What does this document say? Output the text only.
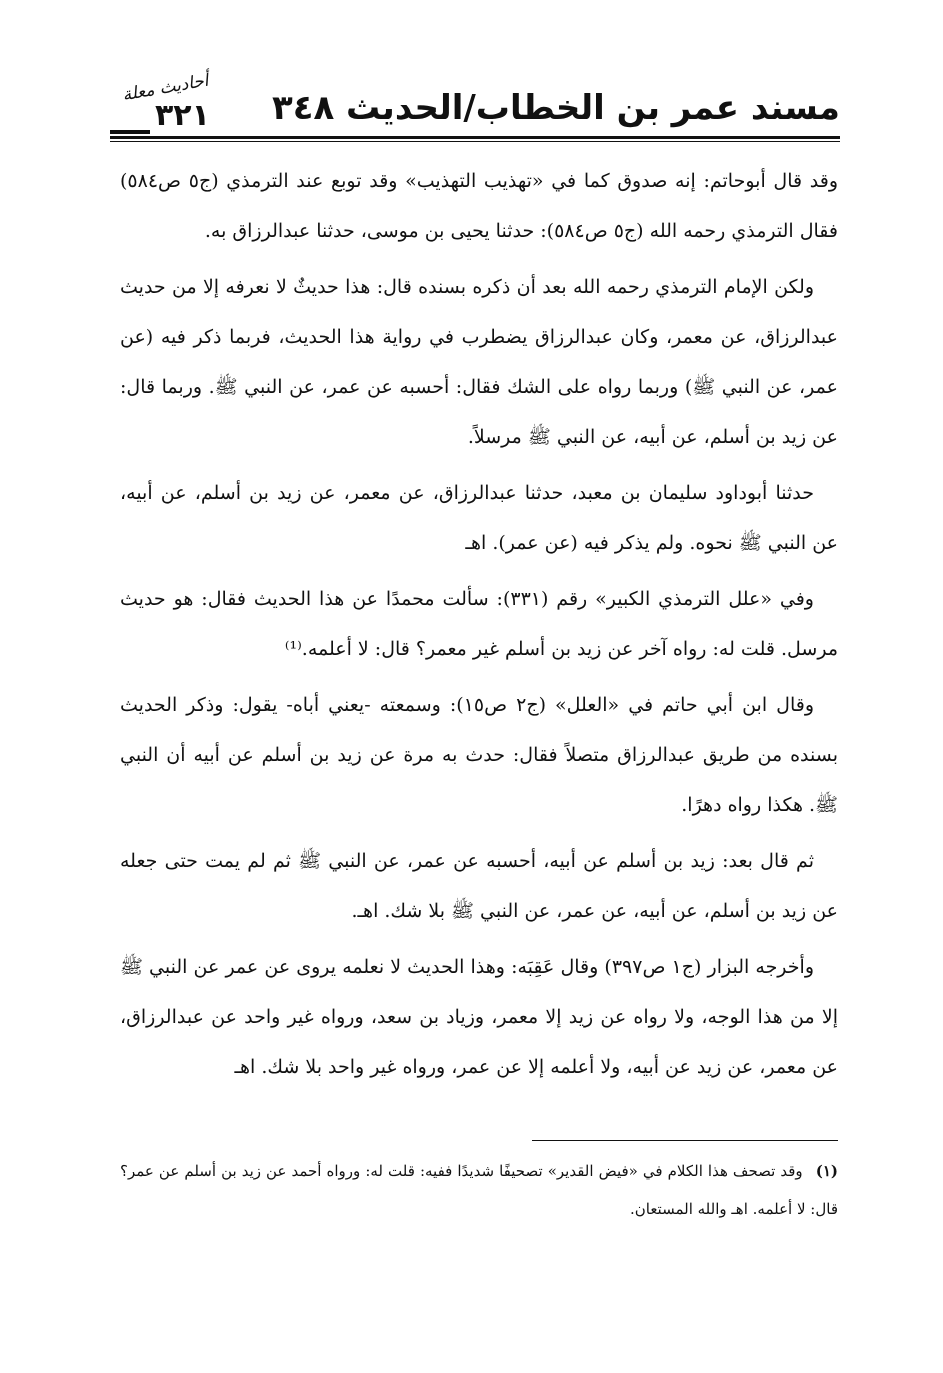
أحاديث معلة
٣٢١ مسند عمر بن الخطاب/الحديث ٣٤٨

وقد قال أبوحاتم: إنه صدوق كما في «تهذيب التهذيب» وقد توبع عند الترمذي (ج٥ ص٥٨٤) فقال الترمذي رحمه الله (ج٥ ص٥٨٤): حدثنا يحيى بن موسى، حدثنا عبدالرزاق به.

ولكن الإمام الترمذي رحمه الله بعد أن ذكره بسنده قال: هذا حديثٌ لا نعرفه إلا من حديث عبدالرزاق، عن معمر، وكان عبدالرزاق يضطرب في رواية هذا الحديث، فربما ذكر فيه (عن عمر، عن النبي ﷺ) وربما رواه على الشك فقال: أحسبه عن عمر، عن النبي ﷺ. وربما قال: عن زيد بن أسلم، عن أبيه، عن النبي ﷺ مرسلاً.

حدثنا أبوداود سليمان بن معبد، حدثنا عبدالرزاق، عن معمر، عن زيد بن أسلم، عن أبيه، عن النبي ﷺ نحوه. ولم يذكر فيه (عن عمر). اهـ

وفي «علل الترمذي الكبير» رقم (٣٣١): سألت محمدًا عن هذا الحديث فقال: هو حديث مرسل. قلت له: رواه آخر عن زيد بن أسلم غير معمر؟ قال: لا أعلمه.⁽¹⁾

وقال ابن أبي حاتم في «العلل» (ج٢ ص١٥): وسمعته -يعني أباه- يقول: وذكر الحديث بسنده من طريق عبدالرزاق متصلاً فقال: حدث به مرة عن زيد بن أسلم عن أبيه أن النبي ﷺ. هكذا رواه دهرًا.

ثم قال بعد: زيد بن أسلم عن أبيه، أحسبه عن عمر، عن النبي ﷺ ثم لم يمت حتى جعله عن زيد بن أسلم، عن أبيه، عن عمر، عن النبي ﷺ بلا شك. اهـ.

وأخرجه البزار (ج١ ص٣٩٧) وقال عَقِبَه: وهذا الحديث لا نعلمه يروى عن عمر عن النبي ﷺ إلا من هذا الوجه، ولا رواه عن زيد إلا معمر، وزياد بن سعد، ورواه غير واحد عن عبدالرزاق، عن معمر، عن زيد عن أبيه، ولا أعلمه إلا عن عمر، ورواه غير واحد بلا شك. اهـ

(١) وقد تصحف هذا الكلام في «فيض القدير» تصحيفًا شديدًا ففيه: قلت له: ورواه أحمد عن زيد بن أسلم عن عمر؟ قال: لا أعلمه. اهـ والله المستعان.
